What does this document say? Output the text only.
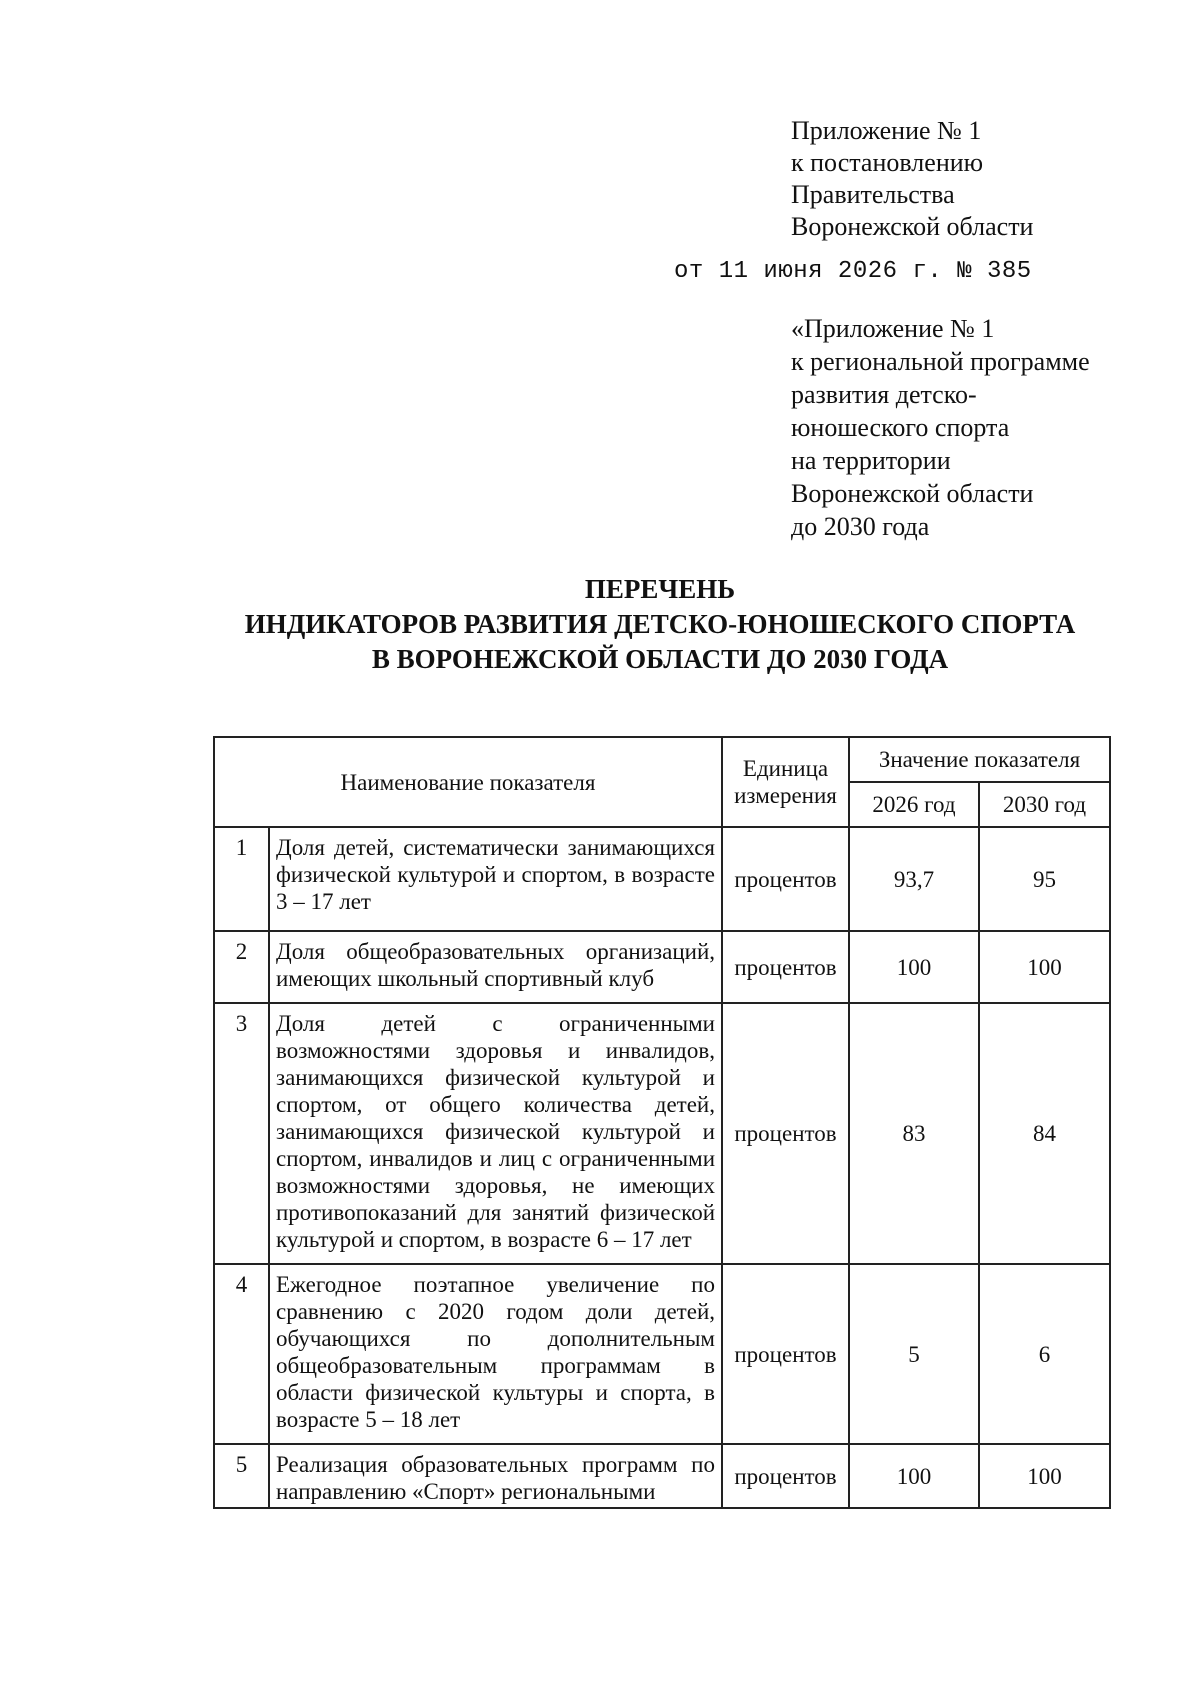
Приложение № 1
к постановлению
Правительства
Воронежской области
от 11 июня 2026 г. № 385
«Приложение № 1
к региональной программе
развития детско-
юношеского спорта
на территории
Воронежской области
до 2030 года
ПЕРЕЧЕНЬ
ИНДИКАТОРОВ РАЗВИТИЯ ДЕТСКО-ЮНОШЕСКОГО СПОРТА
В ВОРОНЕЖСКОЙ ОБЛАСТИ ДО 2030 ГОДА
Наименование показателя		Единица измерения	Значение показателя	
			2026 год	2030 год
1	Доля детей, систематически занимающихся физической культурой и спортом, в возрасте 3 – 17 лет	процентов	93,7	95
2	Доля общеобразовательных организаций, имеющих школьный спортивный клуб	процентов	100	100
3	Доля детей с ограниченными возможностями здоровья и инвалидов, занимающихся физической культурой и спортом, от общего количества детей, занимающихся физической культурой и спортом, инвалидов и лиц с ограниченными возможностями здоровья, не имеющих противопоказаний для занятий физической культурой и спортом, в возрасте 6 – 17 лет	процентов	83	84
4	Ежегодное поэтапное увеличение по сравнению с 2020 годом доли детей, обучающихся по дополнительным общеобразовательным программам в области физической культуры и спорта, в возрасте 5 – 18 лет	процентов	5	6
5	Реализация образовательных программ по направлению «Спорт» региональными	процентов	100	100
